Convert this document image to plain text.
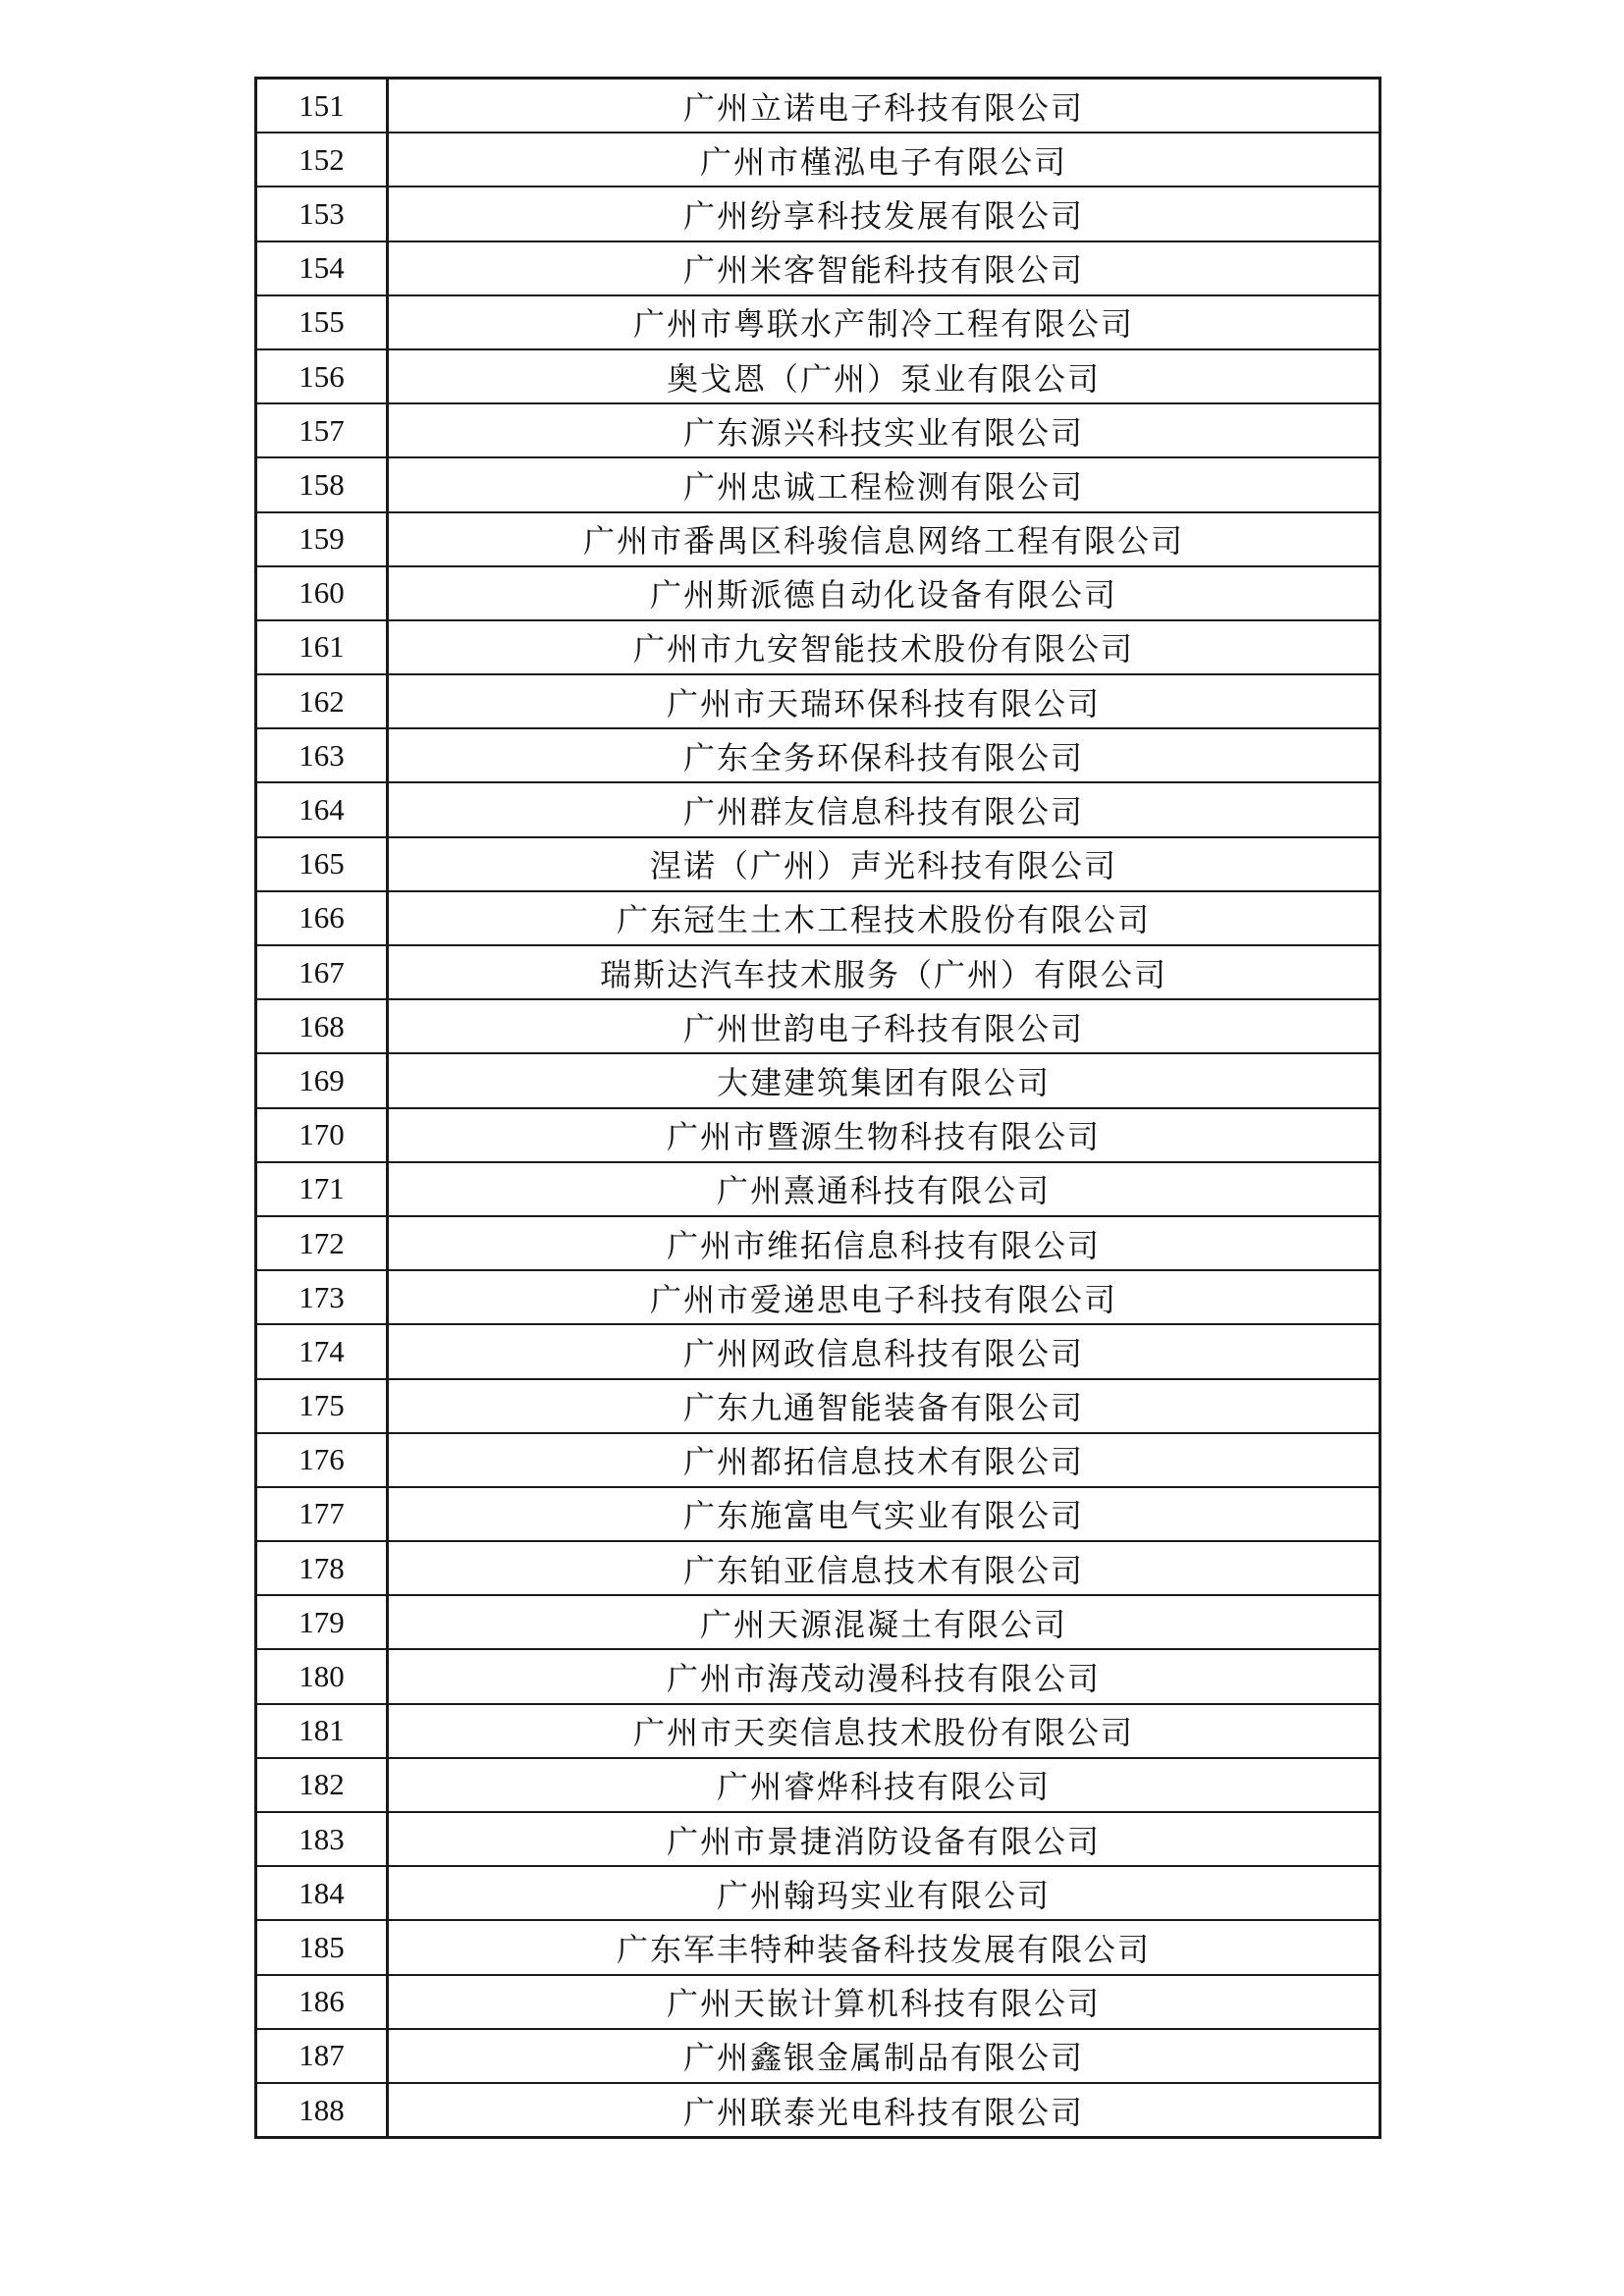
151	广州立诺电子科技有限公司
152	广州市槿泓电子有限公司
153	广州纷享科技发展有限公司
154	广州米客智能科技有限公司
155	广州市粤联水产制冷工程有限公司
156	奥戈恩（广州）泵业有限公司
157	广东源兴科技实业有限公司
158	广州忠诚工程检测有限公司
159	广州市番禺区科骏信息网络工程有限公司
160	广州斯派德自动化设备有限公司
161	广州市九安智能技术股份有限公司
162	广州市天瑞环保科技有限公司
163	广东全务环保科技有限公司
164	广州群友信息科技有限公司
165	涅诺（广州）声光科技有限公司
166	广东冠生土木工程技术股份有限公司
167	瑞斯达汽车技术服务（广州）有限公司
168	广州世韵电子科技有限公司
169	大建建筑集团有限公司
170	广州市暨源生物科技有限公司
171	广州熹通科技有限公司
172	广州市维拓信息科技有限公司
173	广州市爱递思电子科技有限公司
174	广州网政信息科技有限公司
175	广东九通智能装备有限公司
176	广州都拓信息技术有限公司
177	广东施富电气实业有限公司
178	广东铂亚信息技术有限公司
179	广州天源混凝土有限公司
180	广州市海茂动漫科技有限公司
181	广州市天奕信息技术股份有限公司
182	广州睿烨科技有限公司
183	广州市景捷消防设备有限公司
184	广州翰玛实业有限公司
185	广东军丰特种装备科技发展有限公司
186	广州天嵌计算机科技有限公司
187	广州鑫银金属制品有限公司
188	广州联泰光电科技有限公司
